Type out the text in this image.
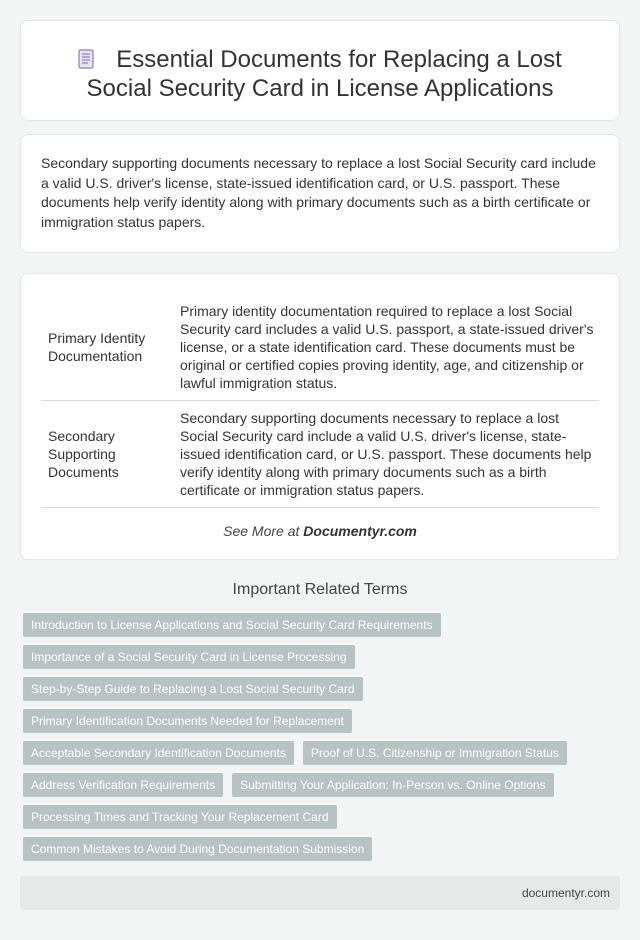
Essential Documents for Replacing a Lost
Social Security Card in License Applications

Secondary supporting documents necessary to replace a lost Social Security card include a valid U.S. driver's license, state-issued identification card, or U.S. passport. These documents help verify identity along with primary documents such as a birth certificate or immigration status papers.

Primary Identity Documentation	Primary identity documentation required to replace a lost Social Security card includes a valid U.S. passport, a state-issued driver's license, or a state identification card. These documents must be original or certified copies proving identity, age, and citizenship or lawful immigration status.
Secondary Supporting Documents	Secondary supporting documents necessary to replace a lost Social Security card include a valid U.S. driver's license, state-issued identification card, or U.S. passport. These documents help verify identity along with primary documents such as a birth certificate or immigration status papers.
See More at Documentyr.com
Important Related Terms
Introduction to License Applications and Social Security Card Requirements
Importance of a Social Security Card in License Processing
Step-by-Step Guide to Replacing a Lost Social Security Card
Primary Identification Documents Needed for Replacement
Acceptable Secondary Identification Documents	Proof of U.S. Citizenship or Immigration Status
Address Verification Requirements	Submitting Your Application: In-Person vs. Online Options
Processing Times and Tracking Your Replacement Card
Common Mistakes to Avoid During Documentation Submission
documentyr.com
